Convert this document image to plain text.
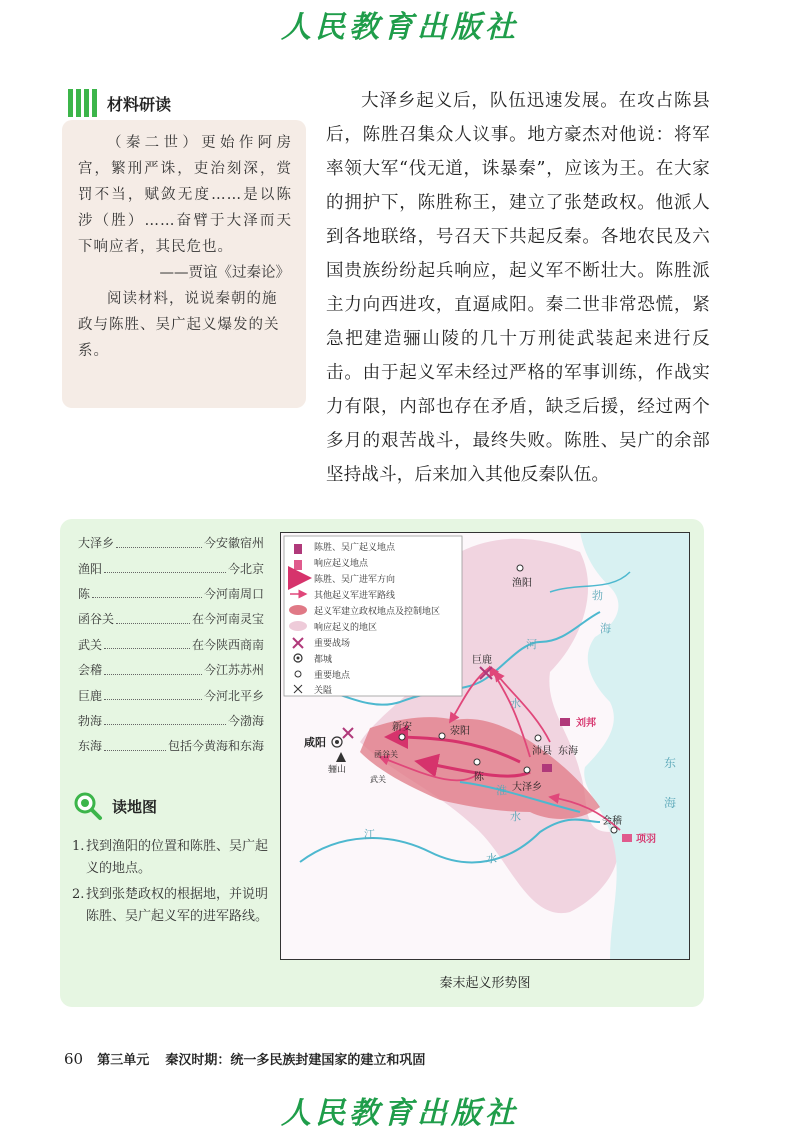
人民教育出版社
材料研读

（秦二世）更始作阿房宫，繁刑严诛，吏治刻深，赏罚不当，赋敛无度……是以陈涉（胜）……奋臂于大泽而天下响应者，其民危也。

——贾谊《过秦论》

阅读材料，说说秦朝的施政与陈胜、吴广起义爆发的关系。

大泽乡起义后，队伍迅速发展。在攻占陈县后，陈胜召集众人议事。地方豪杰对他说：将军率领大军“伐无道，诛暴秦”，应该为王。在大家的拥护下，陈胜称王，建立了张楚政权。他派人到各地联络，号召天下共起反秦。各地农民及六国贵族纷纷起兵响应，起义军不断壮大。陈胜派主力向西进攻，直逼咸阳。秦二世非常恐慌，紧急把建造骊山陵的几十万刑徒武装起来进行反击。由于起义军未经过严格的军事训练，作战实力有限，内部也存在矛盾，缺乏后援，经过两个多月的艰苦战斗，最终失败。陈胜、吴广的余部坚持战斗，后来加入其他反秦队伍。

大泽乡	今安徽宿州
渔阳	今北京
陈	今河南周口
函谷关	在今河南灵宝
武关	在今陕西商南
会稽	今江苏苏州
巨鹿	今河北平乡
勃海	今渤海
东海	包括今黄海和东海
读地图
1. 找到渔阳的位置和陈胜、吴广起义的地点。
2. 找到张楚政权的根据地，并说明陈胜、吴广起义军的进军路线。
陈胜、吴广起义地点
响应起义地点
陈胜、吴广进军方向
其他起义军进军路线
起义军建立政权地点及控制地区
响应起义的地区
重要战场
都城
重要地点
关隘
渔阳
巨鹿
咸阳
骊山
新安
函谷关
武关
荥阳
陈
刘邦
沛县 东海
大泽乡
会稽
项羽
勃
海
河
水
淮
水
江
水
东
海
秦末起义形势图
60 第三单元 秦汉时期：统一多民族封建国家的建立和巩固
人民教育出版社
